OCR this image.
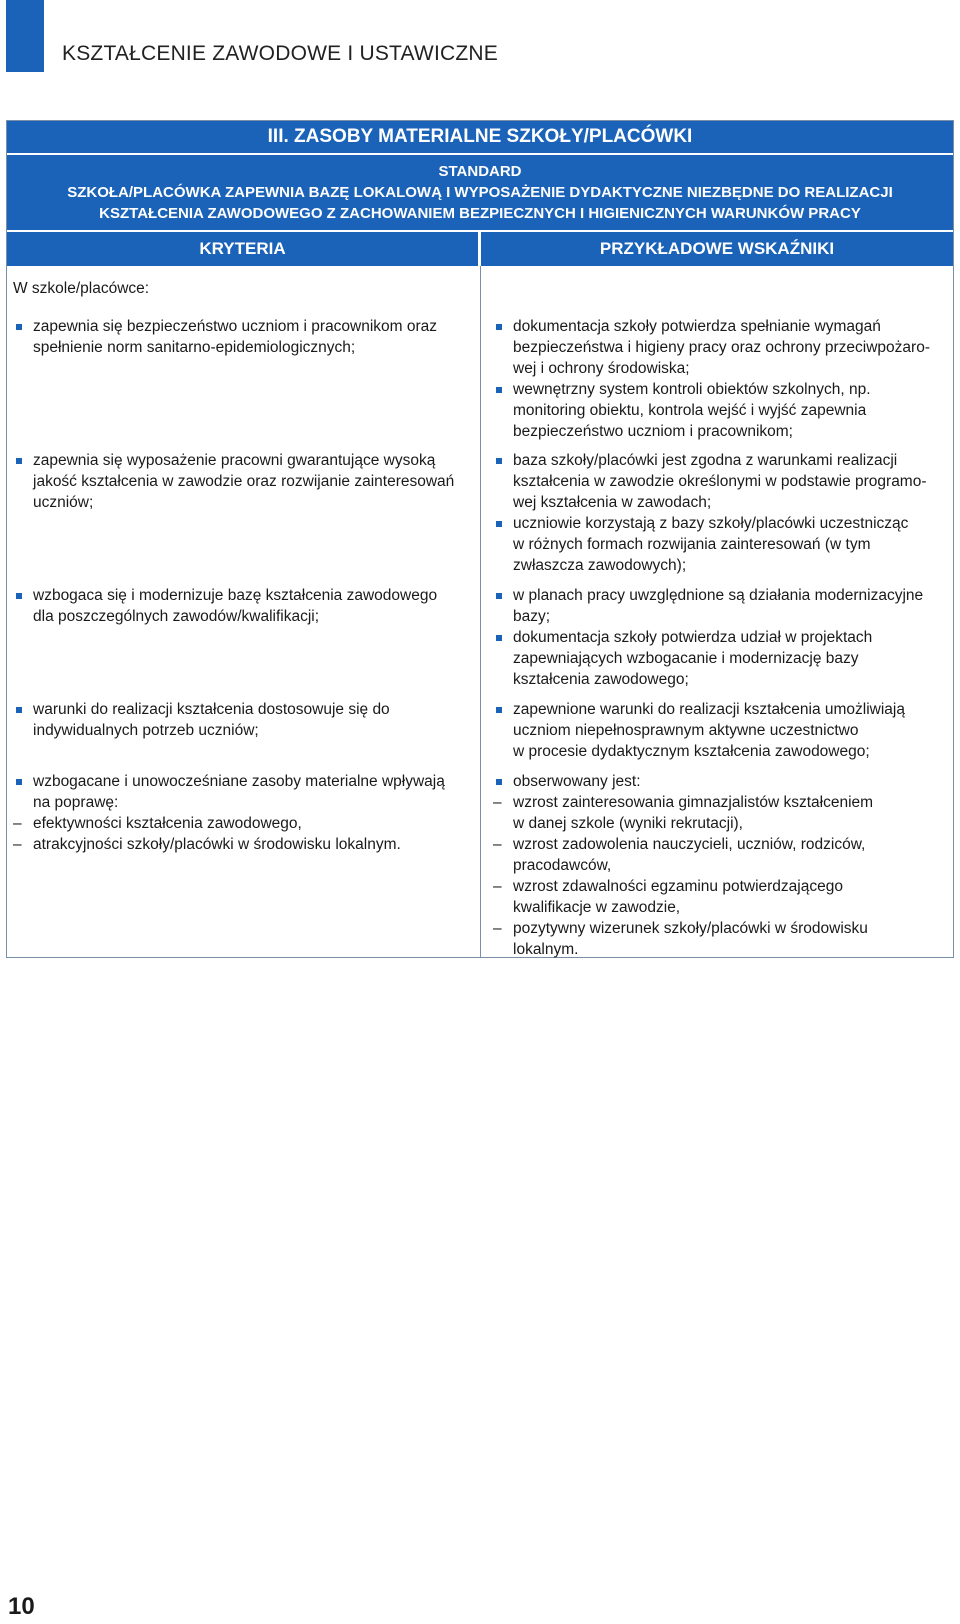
KSZTAŁCENIE ZAWODOWE I USTAWICZNE
III. ZASOBY MATERIALNE SZKOŁY/PLACÓWKI
STANDARD
SZKOŁA/PLACÓWKA ZAPEWNIA BAZĘ LOKALOWĄ I WYPOSAŻENIE DYDAKTYCZNE NIEZBĘDNE DO REALIZACJI
KSZTAŁCENIA ZAWODOWEGO Z ZACHOWANIEM BEZPIECZNYCH I HIGIENICZNYCH WARUNKÓW PRACY
KRYTERIA	PRZYKŁADOWE WSKAŹNIKI
W szkole/placówce:
zapewnia się bezpieczeństwo uczniom i pracownikom oraz
spełnienie norm sanitarno-epidemiologicznych;
zapewnia się wyposażenie pracowni gwarantujące wysoką
jakość kształcenia w zawodzie oraz rozwijanie zainteresowań
uczniów;
wzbogaca się i modernizuje bazę kształcenia zawodowego
dla poszczególnych zawodów/kwalifikacji;
warunki do realizacji kształcenia dostosowuje się do
indywidualnych potrzeb uczniów;
wzbogacane i unowocześniane zasoby materialne wpływają
na poprawę:
– efektywności kształcenia zawodowego,
– atrakcyjności szkoły/placówki w środowisku lokalnym.
dokumentacja szkoły potwierdza spełnianie wymagań
bezpieczeństwa i higieny pracy oraz ochrony przeciwpożaro-
wej i ochrony środowiska;
wewnętrzny system kontroli obiektów szkolnych, np.
monitoring obiektu, kontrola wejść i wyjść zapewnia
bezpieczeństwo uczniom i pracownikom;
baza szkoły/placówki jest zgodna z warunkami realizacji
kształcenia w zawodzie określonymi w podstawie programo-
wej kształcenia w zawodach;
uczniowie korzystają z bazy szkoły/placówki uczestnicząc
w różnych formach rozwijania zainteresowań (w tym
zwłaszcza zawodowych);
w planach pracy uwzględnione są działania modernizacyjne
bazy;
dokumentacja szkoły potwierdza udział w projektach
zapewniających wzbogacanie i modernizację bazy
kształcenia zawodowego;
zapewnione warunki do realizacji kształcenia umożliwiają
uczniom niepełnosprawnym aktywne uczestnictwo
w procesie dydaktycznym kształcenia zawodowego;
obserwowany jest:
– wzrost zainteresowania gimnazjalistów kształceniem
w danej szkole (wyniki rekrutacji),
– wzrost zadowolenia nauczycieli, uczniów, rodziców,
pracodawców,
– wzrost zdawalności egzaminu potwierdzającego
kwalifikacje w zawodzie,
– pozytywny wizerunek szkoły/placówki w środowisku
lokalnym.
10
